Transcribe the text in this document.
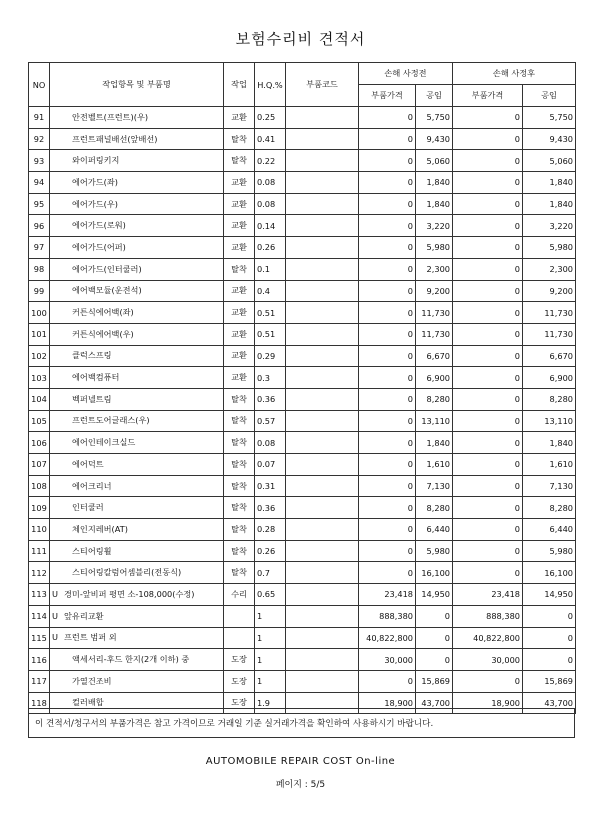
보험수리비 견적서
NO	작업항목 및 부품명	작업	H.Q.%	부품코드	손해 사정전		손해 사정후	
					부품가격	공임	부품가격	공임
91	안전벨트(프런트)(우)	교환	0.25		0	5,750	0	5,750
92	프런트패널배선(앞배선)	탈착	0.41		0	9,430	0	9,430
93	와이퍼링키지	탈착	0.22		0	5,060	0	5,060
94	에어가드(좌)	교환	0.08		0	1,840	0	1,840
95	에어가드(우)	교환	0.08		0	1,840	0	1,840
96	에어가드(로워)	교환	0.14		0	3,220	0	3,220
97	에어가드(어퍼)	교환	0.26		0	5,980	0	5,980
98	에어가드(인터쿨러)	탈착	0.1		0	2,300	0	2,300
99	에어백모듈(운전석)	교환	0.4		0	9,200	0	9,200
100	커튼식에어백(좌)	교환	0.51		0	11,730	0	11,730
101	커튼식에어백(우)	교환	0.51		0	11,730	0	11,730
102	클럭스프링	교환	0.29		0	6,670	0	6,670
103	에어백컴퓨터	교환	0.3		0	6,900	0	6,900
104	벡퍼넬트림	탈착	0.36		0	8,280	0	8,280
105	프런트도어글래스(우)	탈착	0.57		0	13,110	0	13,110
106	에어인테이크실드	탈착	0.08		0	1,840	0	1,840
107	에어덕트	탈착	0.07		0	1,610	0	1,610
108	에어크리너	탈착	0.31		0	7,130	0	7,130
109	인터쿨러	탈착	0.36		0	8,280	0	8,280
110	체인지레버(AT)	탈착	0.28		0	6,440	0	6,440
111	스티어링휠	탈착	0.26		0	5,980	0	5,980
112	스티어링칼럼어셈블리(전동식)	탈착	0.7		0	16,100	0	16,100
113	U 경미-앞비퍼 평면 소-108,000(수정)	수리	0.65		23,418	14,950	23,418	14,950
114	U 앞유리교환		1		888,380	0	888,380	0
115	U 프런트 범퍼 외		1		40,822,800	0	40,822,800	0
116	액세서리-후드 한지(2개 이하) 중	도장	1		30,000	0	30,000	0
117	가열건조비	도장	1		0	15,869	0	15,869
118	컬러배합	도장	1.9		18,900	43,700	18,900	43,700
이 견적서/청구서의 부품가격은 참고 가격이므로 거래일 기준 실거래가격을 확인하여 사용하시기 바랍니다.
AUTOMOBILE REPAIR COST On-line
페이지 : 5/5
